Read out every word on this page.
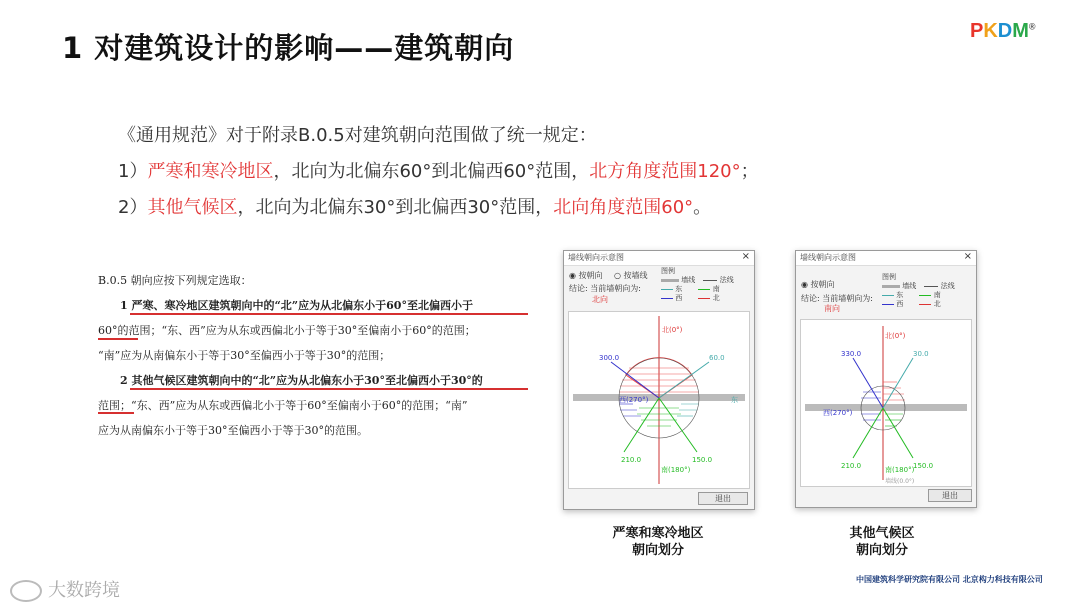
1 对建筑设计的影响——建筑朝向	PKDM®
《通用规范》对于附录B.0.5对建筑朝向范围做了统一规定：
1）严寒和寒冷地区，北向为北偏东60°到北偏西60°范围，北方角度范围120°；
2）其他气候区，北向为北偏东30°到北偏西30°范围，北向角度范围60°。
B.0.5 朝向应按下列规定选取：
1 严寒、寒冷地区建筑朝向中的“北”应为从北偏东小于60°至北偏西小于
60°的范围；“东、西”应为从东或西偏北小于等于30°至偏南小于60°的范围；
“南”应为从南偏东小于等于30°至偏西小于等于30°的范围；
2 其他气候区建筑朝向中的“北”应为从北偏东小于30°至北偏西小于30°的
范围；“东、西”应为从东或西偏北小于等于60°至偏南小于60°的范围；“南”
应为从南偏东小于等于30°至偏西小于等于30°的范围。
墙线朝向示意图	×
◉ 按朝向 ○ 按墙线
结论: 当前墙朝向为:
北向
图例
墙线	法线
东	南
西	北
北(0°)
300.0	60.0
西(270°)	东
210.0	150.0
南(180°)
退出
墙线朝向示意图	×
◉ 按朝向
结论: 当前墙朝向为:
南向
图例
墙线	法线
东	南
西	北
北(0°)
330.0	30.0
西(270°)
210.0	150.0
南(180°)
墙线(0.0°)
退出
严寒和寒冷地区
朝向划分
其他气候区
朝向划分
大数跨境
中国建筑科学研究院有限公司 北京构力科技有限公司
